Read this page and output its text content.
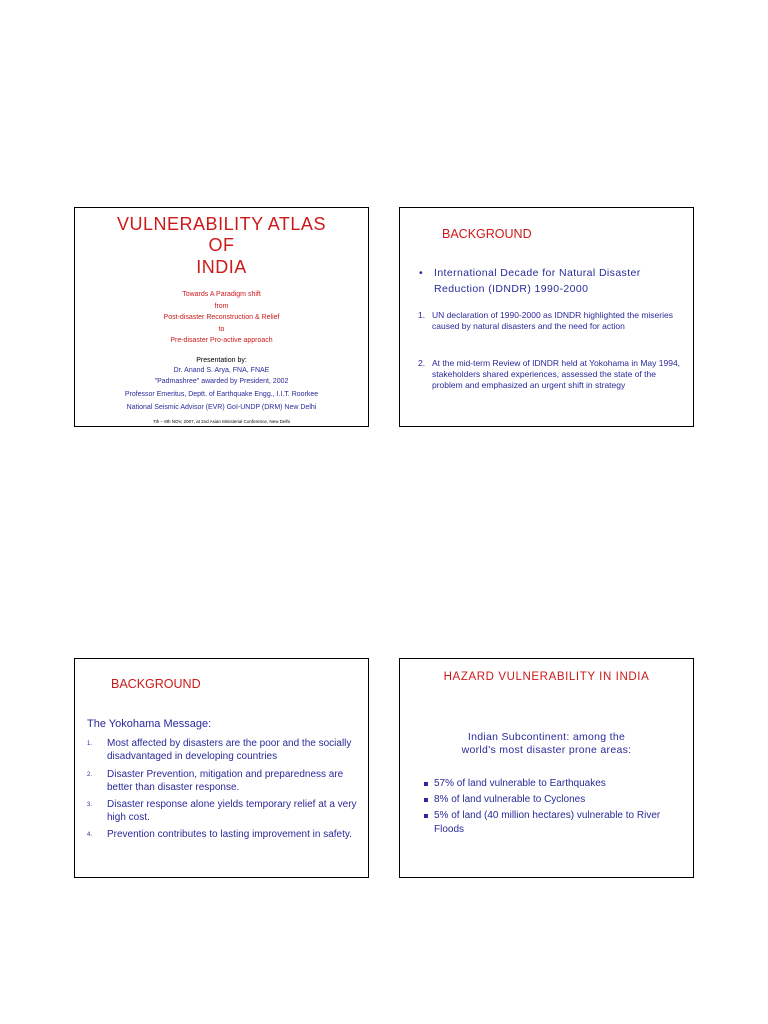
VULNERABILITY ATLAS
OF
INDIA
Towards A Paradigm shift
from
Post-disaster Reconstruction & Relief
to
Pre-disaster Pro-active approach
Presentation by:
Dr. Anand S. Arya, FNA, FNAE
"Padmashree" awarded by President, 2002
Professor Emeritus, Deptt. of Earthquake Engg., I.I.T. Roorkee
National Seismic Advisor (EVR) GoI-UNDP (DRM) New Delhi
7th – 8th NOV, 2007, at 2nd Asian Ministerial Conference, New Delhi
BACKGROUND
• International Decade for Natural Disaster Reduction (IDNDR) 1990-2000
1. UN declaration of 1990-2000 as IDNDR highlighted the miseries caused by natural disasters and the need for action
2. At the mid-term Review of IDNDR held at Yokohama in May 1994, stakeholders shared experiences, assessed the state of the problem and emphasized an urgent shift in strategy
BACKGROUND
The Yokohama Message:
1. Most affected by disasters are the poor and the socially disadvantaged in developing countries
2. Disaster Prevention, mitigation and preparedness are better than disaster response.
3. Disaster response alone yields temporary relief at a very high cost.
4. Prevention contributes to lasting improvement in safety.
HAZARD VULNERABILITY IN INDIA
Indian Subcontinent: among the
world's most disaster prone areas:
57% of land vulnerable to Earthquakes
8% of land vulnerable to Cyclones
5% of land (40 million hectares) vulnerable to River Floods
